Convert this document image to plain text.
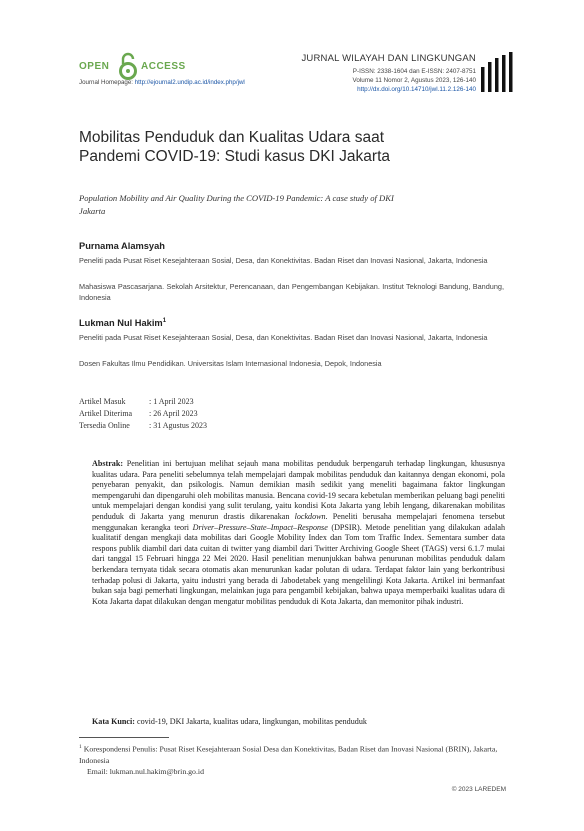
OPEN	ACCESS
Journal Homepage: http://ejournal2.undip.ac.id/index.php/jwl
JURNAL WILAYAH DAN LINGKUNGAN
P-ISSN: 2338-1604 dan E-ISSN: 2407-8751
Volume 11 Nomor 2, Agustus 2023, 126-140
http://dx.doi.org/10.14710/jwl.11.2.126-140
Mobilitas Penduduk dan Kualitas Udara saat Pandemi COVID-19: Studi kasus DKI Jakarta
Population Mobility and Air Quality During the COVID-19 Pandemic: A case study of DKI Jakarta
Purnama Alamsyah
Peneliti pada Pusat Riset Kesejahteraan Sosial, Desa, dan Konektivitas. Badan Riset dan Inovasi Nasional, Jakarta, Indonesia
Mahasiswa Pascasarjana. Sekolah Arsitektur, Perencanaan, dan Pengembangan Kebijakan. Institut Teknologi Bandung, Bandung, Indonesia
Lukman Nul Hakim$^1$
Peneliti pada Pusat Riset Kesejahteraan Sosial, Desa, dan Konektivitas. Badan Riset dan Inovasi Nasional, Jakarta, Indonesia
Dosen Fakultas Ilmu Pendidikan. Universitas Islam Internasional Indonesia, Depok, Indonesia
Artikel Masuk	: 1 April 2023
Artikel Diterima	: 26 April 2023
Tersedia Online	: 31 Agustus 2023
Abstrak: Penelitian ini bertujuan melihat sejauh mana mobilitas penduduk berpengaruh terhadap lingkungan, khususnya kualitas udara. Para peneliti sebelumnya telah mempelajari dampak mobilitas penduduk dan kaitannya dengan ekonomi, pola penyebaran penyakit, dan psikologis. Namun demikian masih sedikit yang meneliti bagaimana faktor lingkungan mempengaruhi dan dipengaruhi oleh mobilitas manusia. Bencana covid-19 secara kebetulan memberikan peluang bagi peneliti untuk mempelajari dengan kondisi yang sulit terulang, yaitu kondisi Kota Jakarta yang lebih lengang, dikarenakan mobilitas penduduk di Jakarta yang menurun drastis dikarenakan lockdown. Peneliti berusaha mempelajari fenomena tersebut menggunakan kerangka teori Driver–Pressure–State–Impact–Response (DPSIR). Metode penelitian yang dilakukan adalah kualitatif dengan mengkaji data mobilitas dari Google Mobility Index dan Tom tom Traffic Index. Sementara sumber data respons publik diambil dari data cuitan di twitter yang diambil dari Twitter Archiving Google Sheet (TAGS) versi 6.1.7 mulai dari tanggal 15 Februari hingga 22 Mei 2020. Hasil penelitian menunjukkan bahwa penurunan mobilitas penduduk dalam berkendara ternyata tidak secara otomatis akan menurunkan kadar polutan di udara. Terdapat faktor lain yang berkontribusi terhadap polusi di Jakarta, yaitu industri yang berada di Jabodetabek yang mengelilingi Kota Jakarta. Artikel ini bermanfaat bukan saja bagi pemerhati lingkungan, melainkan juga para pengambil kebijakan, bahwa upaya memperbaiki kualitas udara di Kota Jakarta dapat dilakukan dengan mengatur mobilitas penduduk di Kota Jakarta, dan memonitor pihak industri.
Kata Kunci: covid-19, DKI Jakarta, kualitas udara, lingkungan, mobilitas penduduk
$^1$ Korespondensi Penulis: Pusat Riset Kesejahteraan Sosial Desa dan Konektivitas, Badan Riset dan Inovasi Nasional (BRIN), Jakarta, Indonesia
Email: lukman.nul.hakim@brin.go.id
© 2023 LAREDEM
